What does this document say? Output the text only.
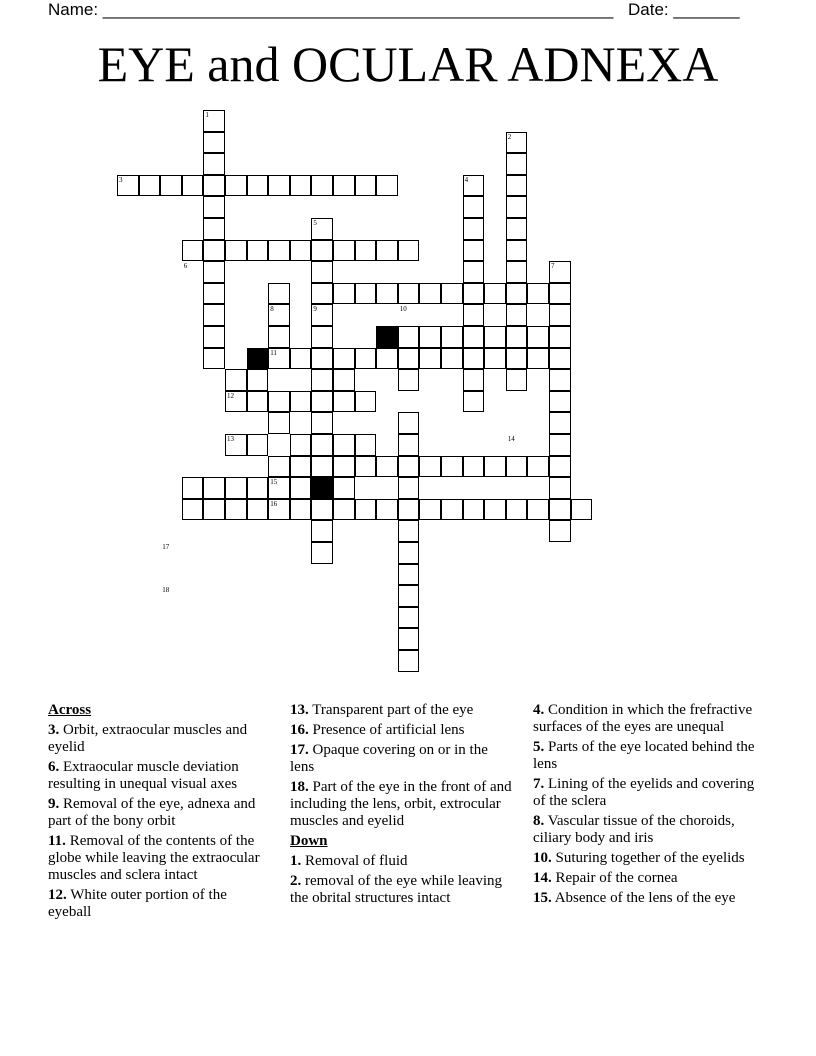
Name: ______________________________________________________ Date: _______
EYE and OCULAR ADNEXA
1
2
3	4
5
6	7
8	9	10
11
12
13	14
15
16
17
18
Across
3. Orbit, extraocular muscles and eyelid
6. Extraocular muscle deviation resulting in unequal visual axes
9. Removal of the eye, adnexa and part of the bony orbit
11. Removal of the contents of the globe while leaving the extraocular muscles and sclera intact
12. White outer portion of the eyeball
13. Transparent part of the eye
16. Presence of artificial lens
17. Opaque covering on or in the lens
18. Part of the eye in the front of and including the lens, orbit, extrocular muscles and eyelid
Down
1. Removal of fluid
2. removal of the eye while leaving the obrital structures intact
4. Condition in which the frefractive surfaces of the eyes are unequal
5. Parts of the eye located behind the lens
7. Lining of the eyelids and covering of the sclera
8. Vascular tissue of the choroids, ciliary body and iris
10. Suturing together of the eyelids
14. Repair of the cornea
15. Absence of the lens of the eye
